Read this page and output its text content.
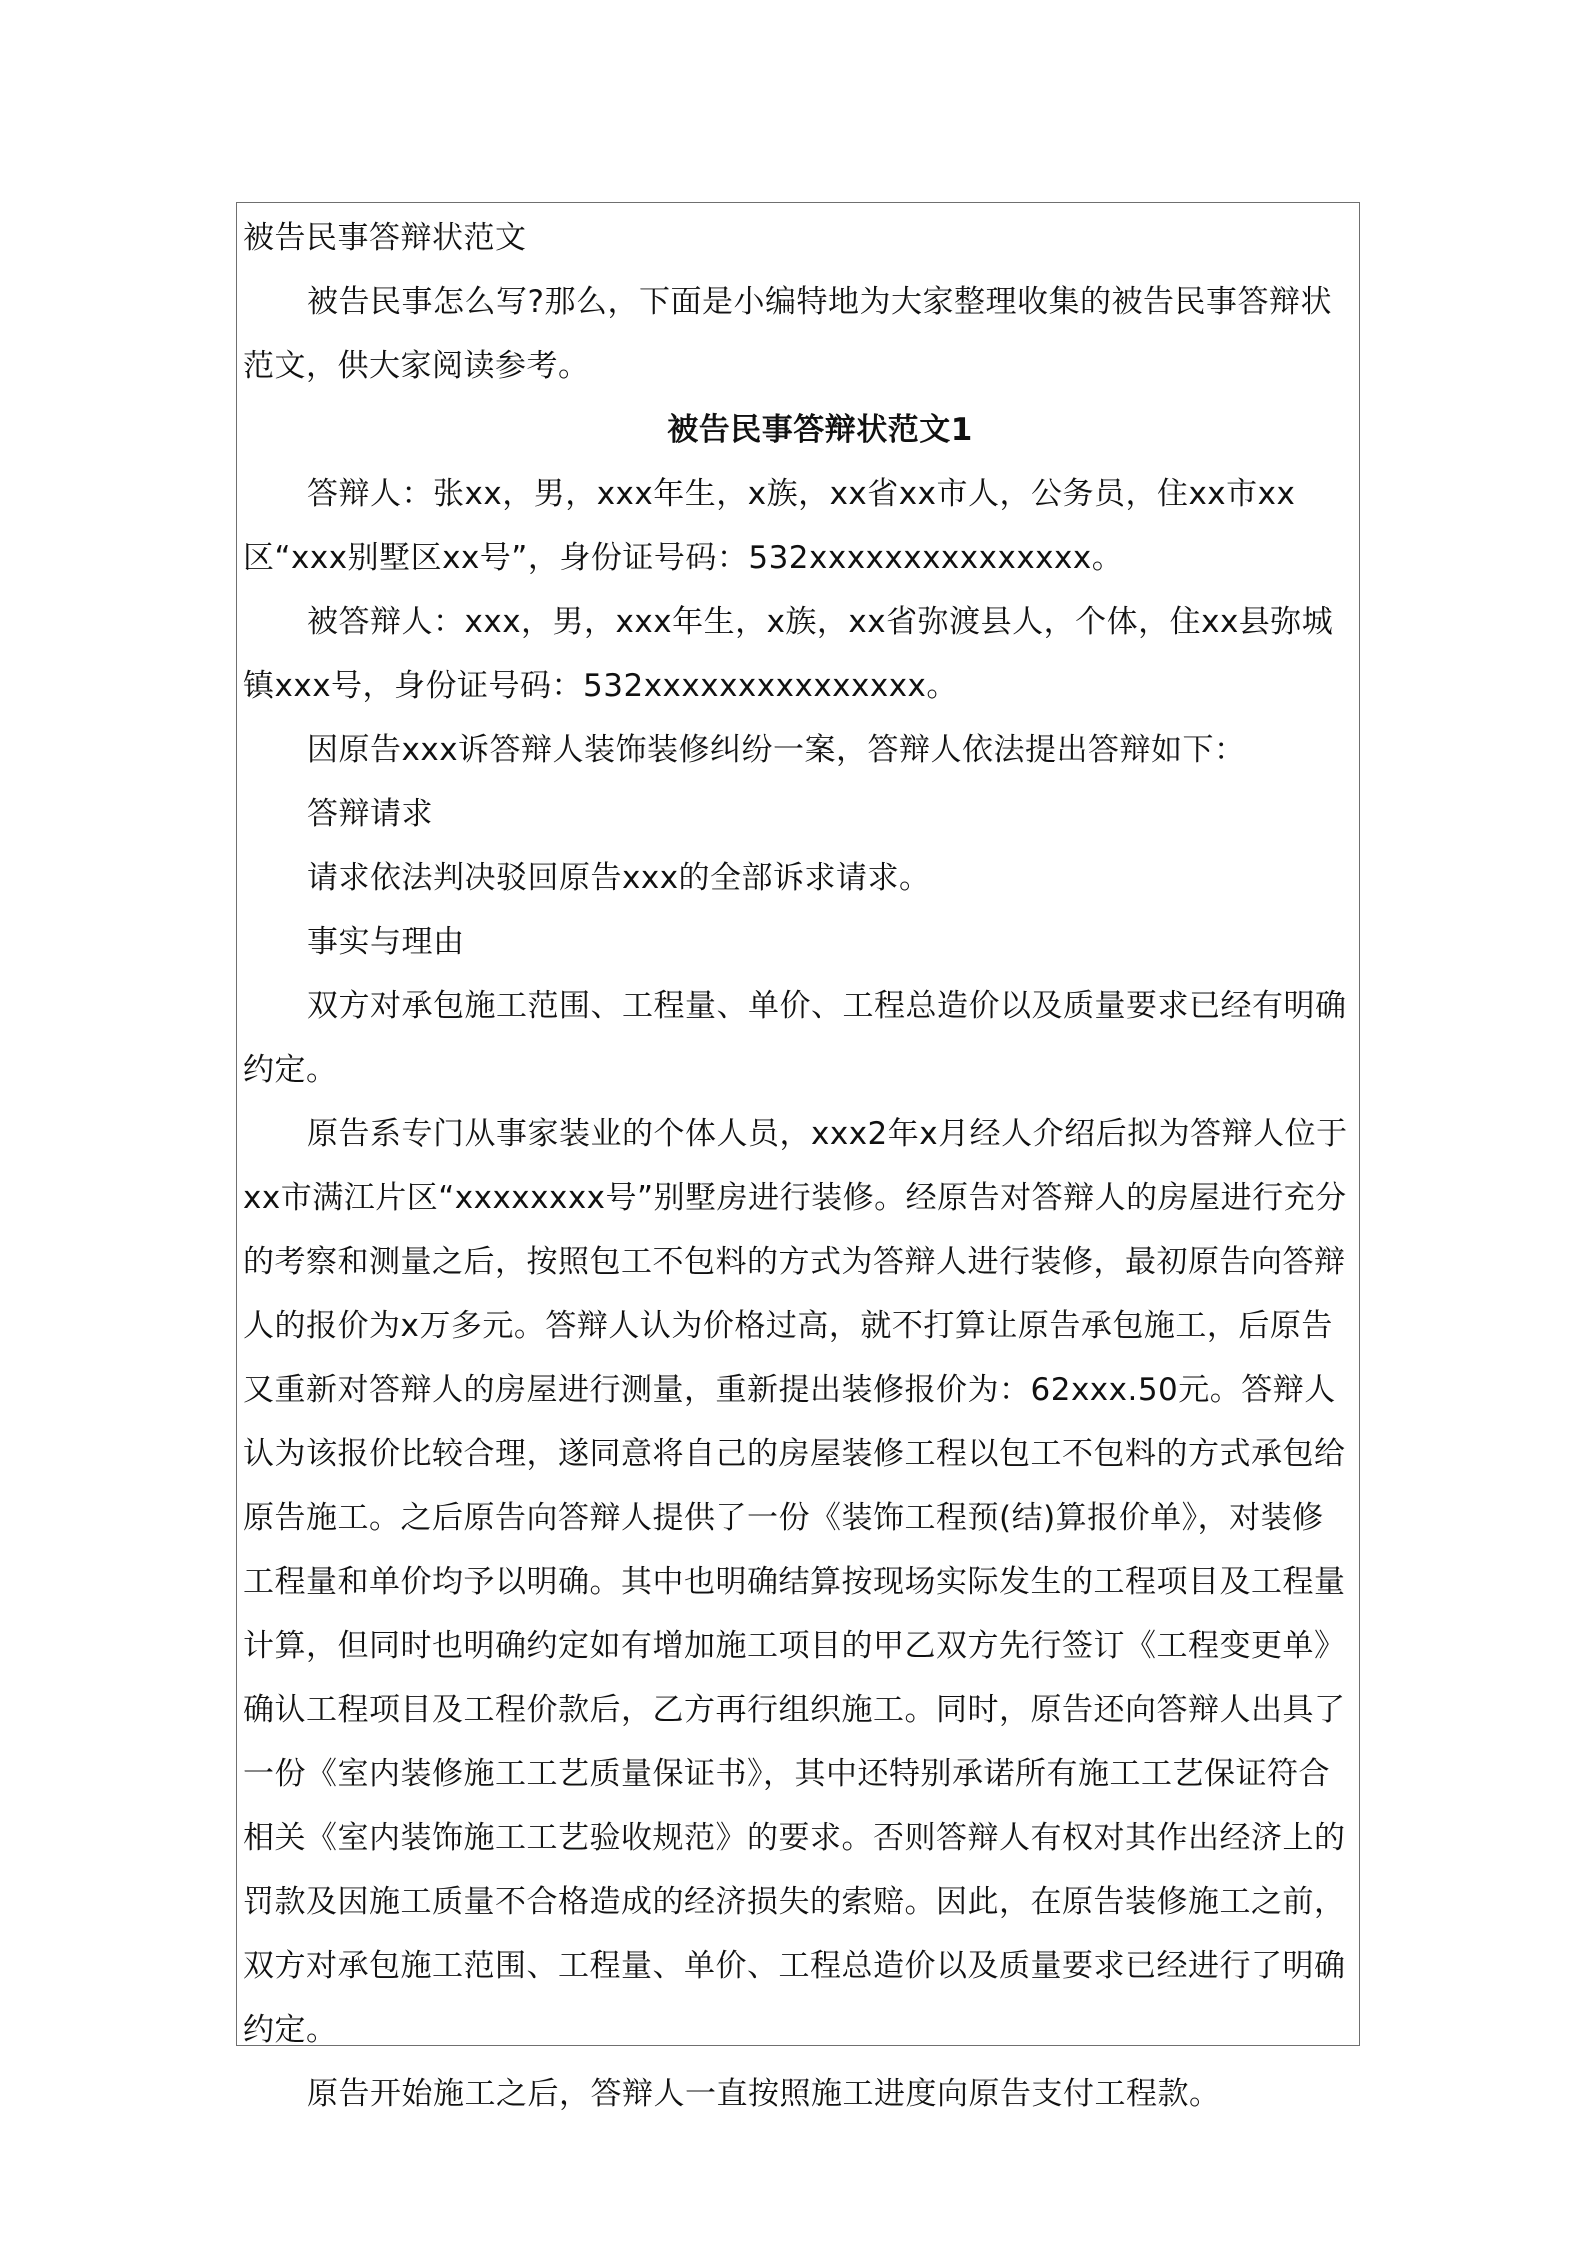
被告民事答辩状范文

被告民事怎么写?那么，下面是小编特地为大家整理收集的被告民事答辩状范文，供大家阅读参考。

被告民事答辩状范文1

答辩人：张xx，男，xxx年生，x族，xx省xx市人，公务员，住xx市xx区“xxx别墅区xx号”，身份证号码：532xxxxxxxxxxxxxxx。

被答辩人：xxx，男，xxx年生，x族，xx省弥渡县人，个体，住xx县弥城镇xxx号，身份证号码：532xxxxxxxxxxxxxxx。

因原告xxx诉答辩人装饰装修纠纷一案，答辩人依法提出答辩如下：

答辩请求

请求依法判决驳回原告xxx的全部诉求请求。

事实与理由

双方对承包施工范围、工程量、单价、工程总造价以及质量要求已经有明确约定。

原告系专门从事家装业的个体人员，xxx2年x月经人介绍后拟为答辩人位于xx市满江片区“xxxxxxxx号”别墅房进行装修。经原告对答辩人的房屋进行充分的考察和测量之后，按照包工不包料的方式为答辩人进行装修，最初原告向答辩人的报价为x万多元。答辩人认为价格过高，就不打算让原告承包施工，后原告又重新对答辩人的房屋进行测量，重新提出装修报价为：62xxx.50元。答辩人认为该报价比较合理，遂同意将自己的房屋装修工程以包工不包料的方式承包给原告施工。之后原告向答辩人提供了一份《装饰工程预(结)算报价单》，对装修工程量和单价均予以明确。其中也明确结算按现场实际发生的工程项目及工程量计算，但同时也明确约定如有增加施工项目的甲乙双方先行签订《工程变更单》确认工程项目及工程价款后，乙方再行组织施工。同时，原告还向答辩人出具了一份《室内装修施工工艺质量保证书》，其中还特别承诺所有施工工艺保证符合相关《室内装饰施工工艺验收规范》的要求。否则答辩人有权对其作出经济上的罚款及因施工质量不合格造成的经济损失的索赔。因此，在原告装修施工之前，双方对承包施工范围、工程量、单价、工程总造价以及质量要求已经进行了明确约定。

原告开始施工之后，答辩人一直按照施工进度向原告支付工程款。
